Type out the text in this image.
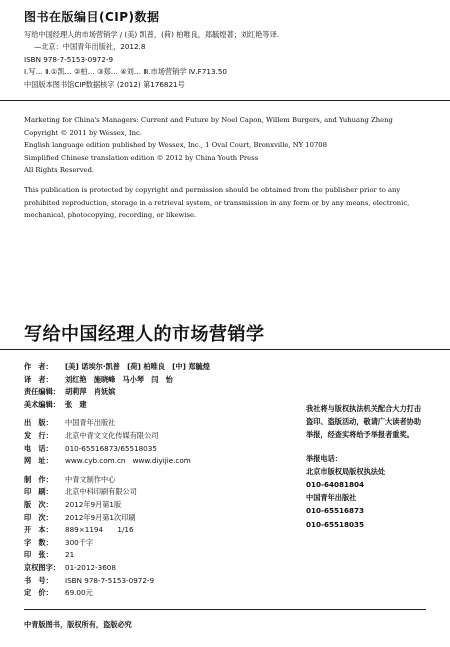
图书在版编目(CIP)数据
写给中国经理人的市场营销学 / (美) 凯普，(荷) 柏唯良，郑毓煌著；刘红艳等译.
—北京：中国青年出版社，2012.8
ISBN 978-7-5153-0972-9
Ⅰ.写… Ⅱ.①凯… ②柏… ③郑… ④刘… Ⅲ.市场营销学 Ⅳ.F713.50
中国版本图书馆CIP数据核字 (2012) 第176821号
Marketing for China's Managers: Current and Future by Noel Capon, Willem Burgers, and Yuhuang Zheng
Copyright © 2011 by Wessex, Inc.
English language edition published by Wessex, Inc., 1 Oval Court, Bronxville, NY 10708
Simplified Chinese translation edition © 2012 by China Youth Press
All Rights Reserved.
This publication is protected by copyright and permission should be obtained from the publisher prior to any prohibited reproduction, storage in a retrieval system, or transmission in any form or by any means, electronic, mechanical, photocopying, recording, or likewise.
写给中国经理人的市场营销学
作　者：	[美] 诺埃尔·凯普　[荷] 柏唯良　[中] 郑毓煌
译　者：	刘红艳　施晓峰　马小琴　闫　怡
责任编辑： 胡莉萍　肖妩嫔
美术编辑： 张　建
出　版：	中国青年出版社
发　行：	北京中青文文化传媒有限公司
电　话：	010-65516873/65518035
网　址：	www.cyb.com.cn　www.diyijie.com
制　作：	中青文制作中心
印　刷：	北京中科印刷有限公司
版　次：	2012年9月第1版
印　次：	2012年9月第1次印刷
开　本：	889×1194　　1/16
字　数：	300千字
印　张：	21
京权图字： 01-2012-3608
书　号：	ISBN 978-7-5153-0972-9
定　价：	69.00元
我社将与版权执法机关配合大力打击盗印、盗版活动，敬请广大读者协助举报，经查实将给予举报者重奖。
举报电话：
北京市版权局版权执法处
010-64081804
中国青年出版社
010-65516873
010-65518035
中青版图书，版权所有，盗版必究
